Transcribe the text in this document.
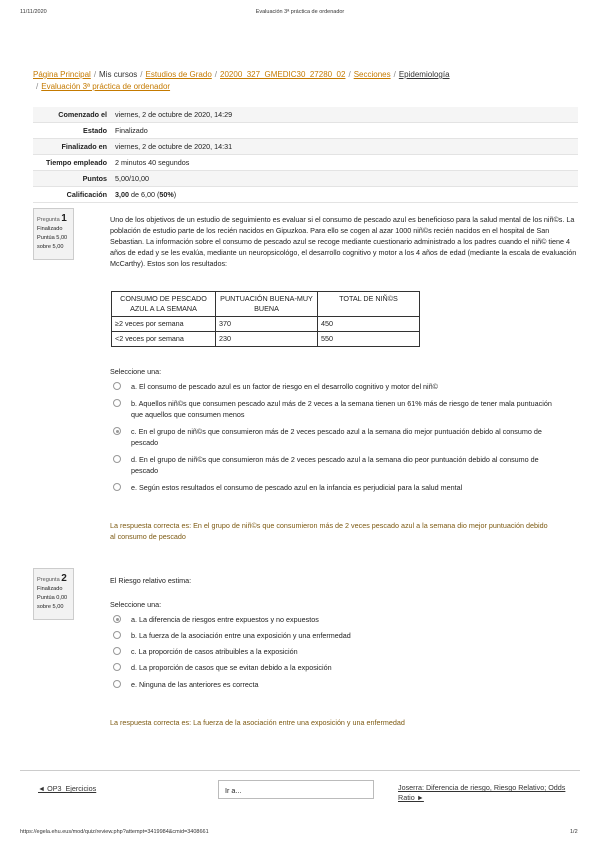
11/11/2020	Evaluación 3ª práctica de ordenador
Página Principal / Mis cursos / Estudios de Grado / 20200_327_GMEDIC30_27280_02 / Secciones / Epidemiología
/ Evaluación 3ª práctica de ordenador
Comenzado el	viernes, 2 de octubre de 2020, 14:29
Estado	Finalizado
Finalizado en	viernes, 2 de octubre de 2020, 14:31
Tiempo empleado	2 minutos 40 segundos
Puntos	5,00/10,00
Calificación	3,00 de 6,00 (50%)
Pregunta 1
Finalizado
Puntúa 5,00 sobre 5,00
Uno de los objetivos de un estudio de seguimiento es evaluar si el consumo de pescado azul es beneficioso para la salud mental de los niñ©s. La población de estudio parte de los recién nacidos en Gipuzkoa. Para ello se cogen al azar 1000 niñ©s recién nacidos en el hospital de San Sebastian. La información sobre el consumo de pescado azul se recoge mediante cuestionario administrado a los padres cuando el niñ© tiene 4 años de edad y se les evalúa, mediante un neuropsicológo, el desarrollo cognitivo y motor a los 4 años de edad (mediante la escala de evaluación McCarthy). Estos son los resultados:
CONSUMO DE PESCADO AZUL A LA SEMANA	PUNTUACIÓN BUENA-MUY BUENA	TOTAL DE NIÑ©S
≥2 veces por semana	370	450
<2 veces por semana	230	550
Seleccione una:
a. El consumo de pescado azul es un factor de riesgo en el desarrollo cognitivo y motor del niñ©
b. Aquellos niñ©s que consumen pescado azul más de 2 veces a la semana tienen un 61% más de riesgo de tener mala puntuación que aquellos que consumen menos
c. En el grupo de niñ©s que consumieron más de 2 veces pescado azul a la semana dio mejor puntuación debido al consumo de pescado
d. En el grupo de niñ©s que consumieron más de 2 veces pescado azul a la semana dio peor puntuación debido al consumo de pescado
e. Según estos resultados el consumo de pescado azul en la infancia es perjudicial para la salud mental
La respuesta correcta es: En el grupo de niñ©s que consumieron más de 2 veces pescado azul a la semana dio mejor puntuación debido al consumo de pescado
Pregunta 2
Finalizado
Puntúa 0,00 sobre 5,00
El Riesgo relativo estima:
Seleccione una:
a. La diferencia de riesgos entre expuestos y no expuestos
b. La fuerza de la asociación entre una exposición y una enfermedad
c. La proporción de casos atribuibles a la exposición
d. La proporción de casos que se evitan debido a la exposición
e. Ninguna de las anteriores es correcta
La respuesta correcta es: La fuerza de la asociación entre una exposición y una enfermedad
◄ OP3_Ejercicios	Ir a...	Joserra: Diferencia de riesgo, Riesgo Relativo; Odds Ratio ►
https://egela.ehu.eus/mod/quiz/review.php?attempt=3419984&cmid=3408661	1/2
